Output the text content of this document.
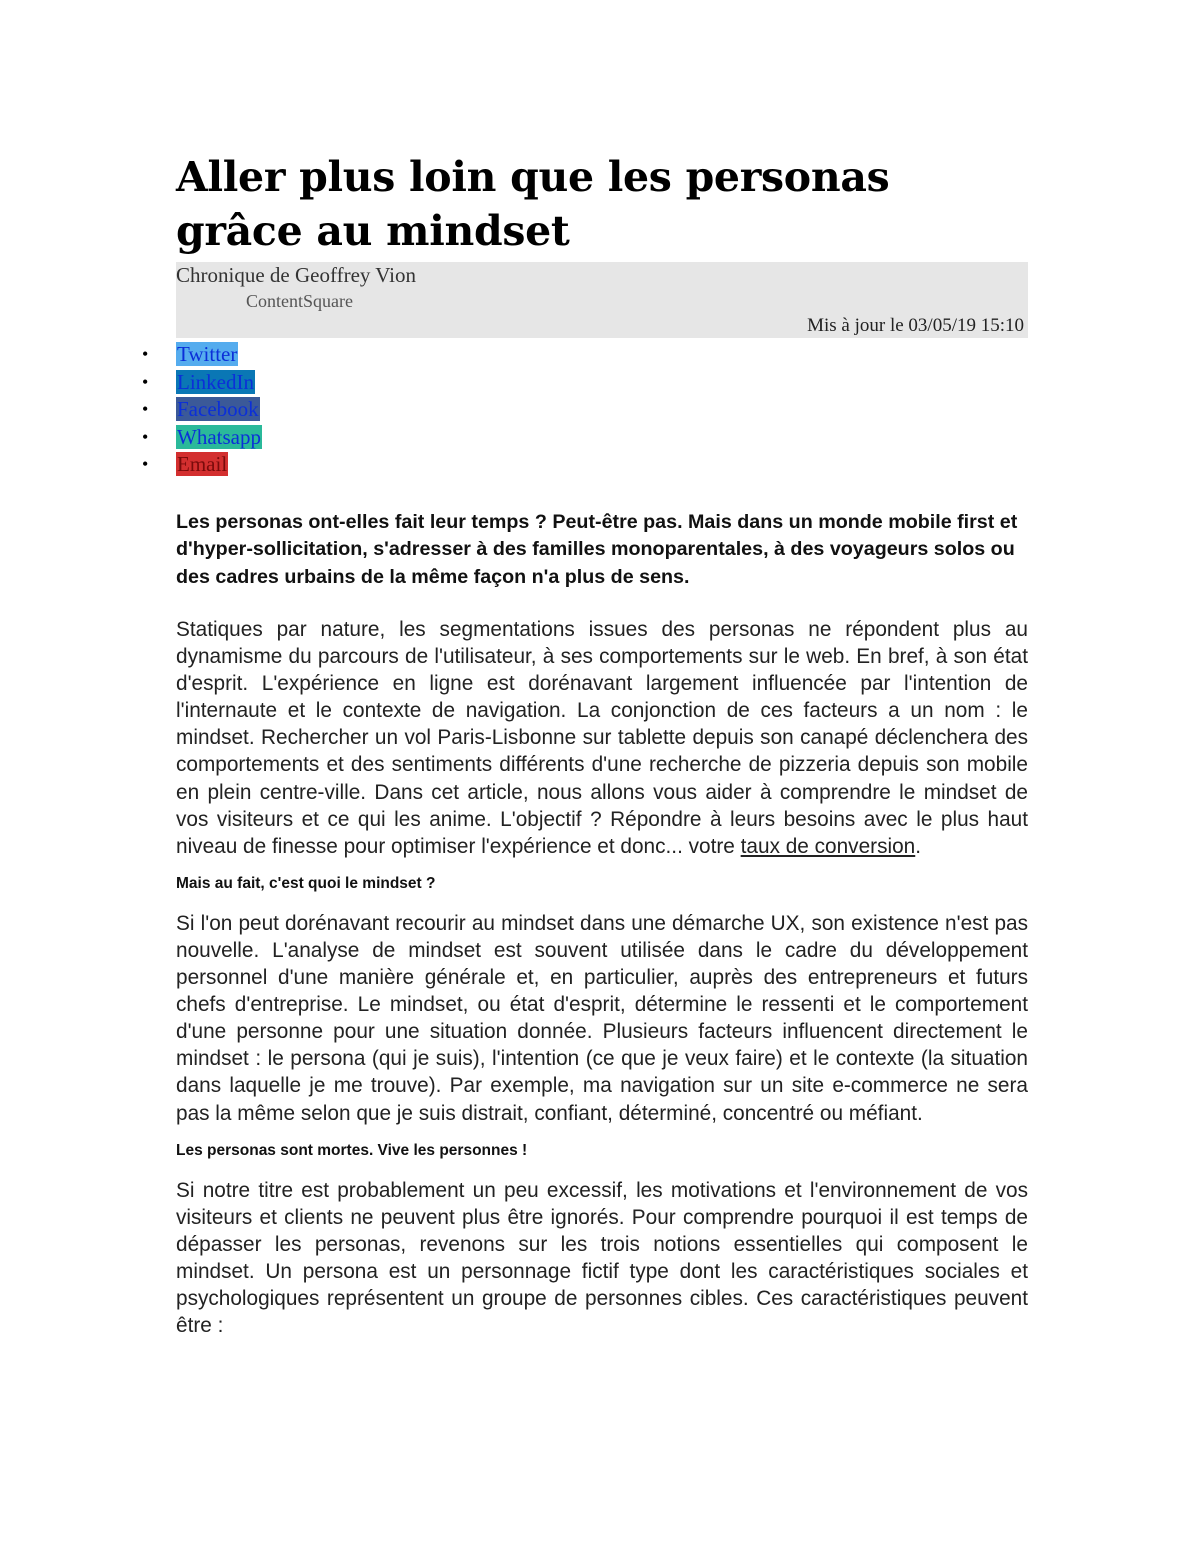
Aller plus loin que les personas grâce au mindset
Chronique de Geoffrey Vion
ContentSquare
Mis à jour le 03/05/19 15:10
• Twitter
• LinkedIn
• Facebook
• Whatsapp
• Email

Les personas ont-elles fait leur temps ? Peut-être pas. Mais dans un monde mobile first et d'hyper-sollicitation, s'adresser à des familles monoparentales, à des voyageurs solos ou des cadres urbains de la même façon n'a plus de sens.

Statiques par nature, les segmentations issues des personas ne répondent plus au dynamisme du parcours de l'utilisateur, à ses comportements sur le web. En bref, à son état d'esprit. L'expérience en ligne est dorénavant largement influencée par l'intention de l'internaute et le contexte de navigation. La conjonction de ces facteurs a un nom : le mindset. Rechercher un vol Paris-Lisbonne sur tablette depuis son canapé déclenchera des comportements et des sentiments différents d'une recherche de pizzeria depuis son mobile en plein centre-ville. Dans cet article, nous allons vous aider à comprendre le mindset de vos visiteurs et ce qui les anime. L'objectif ? Répondre à leurs besoins avec le plus haut niveau de finesse pour optimiser l'expérience et donc... votre taux de conversion.

Mais au fait, c'est quoi le mindset ?

Si l'on peut dorénavant recourir au mindset dans une démarche UX, son existence n'est pas nouvelle. L'analyse de mindset est souvent utilisée dans le cadre du développement personnel d'une manière générale et, en particulier, auprès des entrepreneurs et futurs chefs d'entreprise. Le mindset, ou état d'esprit, détermine le ressenti et le comportement d'une personne pour une situation donnée. Plusieurs facteurs influencent directement le mindset : le persona (qui je suis), l'intention (ce que je veux faire) et le contexte (la situation dans laquelle je me trouve). Par exemple, ma navigation sur un site e-commerce ne sera pas la même selon que je suis distrait, confiant, déterminé, concentré ou méfiant.

Les personas sont mortes. Vive les personnes !

Si notre titre est probablement un peu excessif, les motivations et l'environnement de vos visiteurs et clients ne peuvent plus être ignorés. Pour comprendre pourquoi il est temps de dépasser les personas, revenons sur les trois notions essentielles qui composent le mindset. Un persona est un personnage fictif type dont les caractéristiques sociales et psychologiques représentent un groupe de personnes cibles. Ces caractéristiques peuvent être :
